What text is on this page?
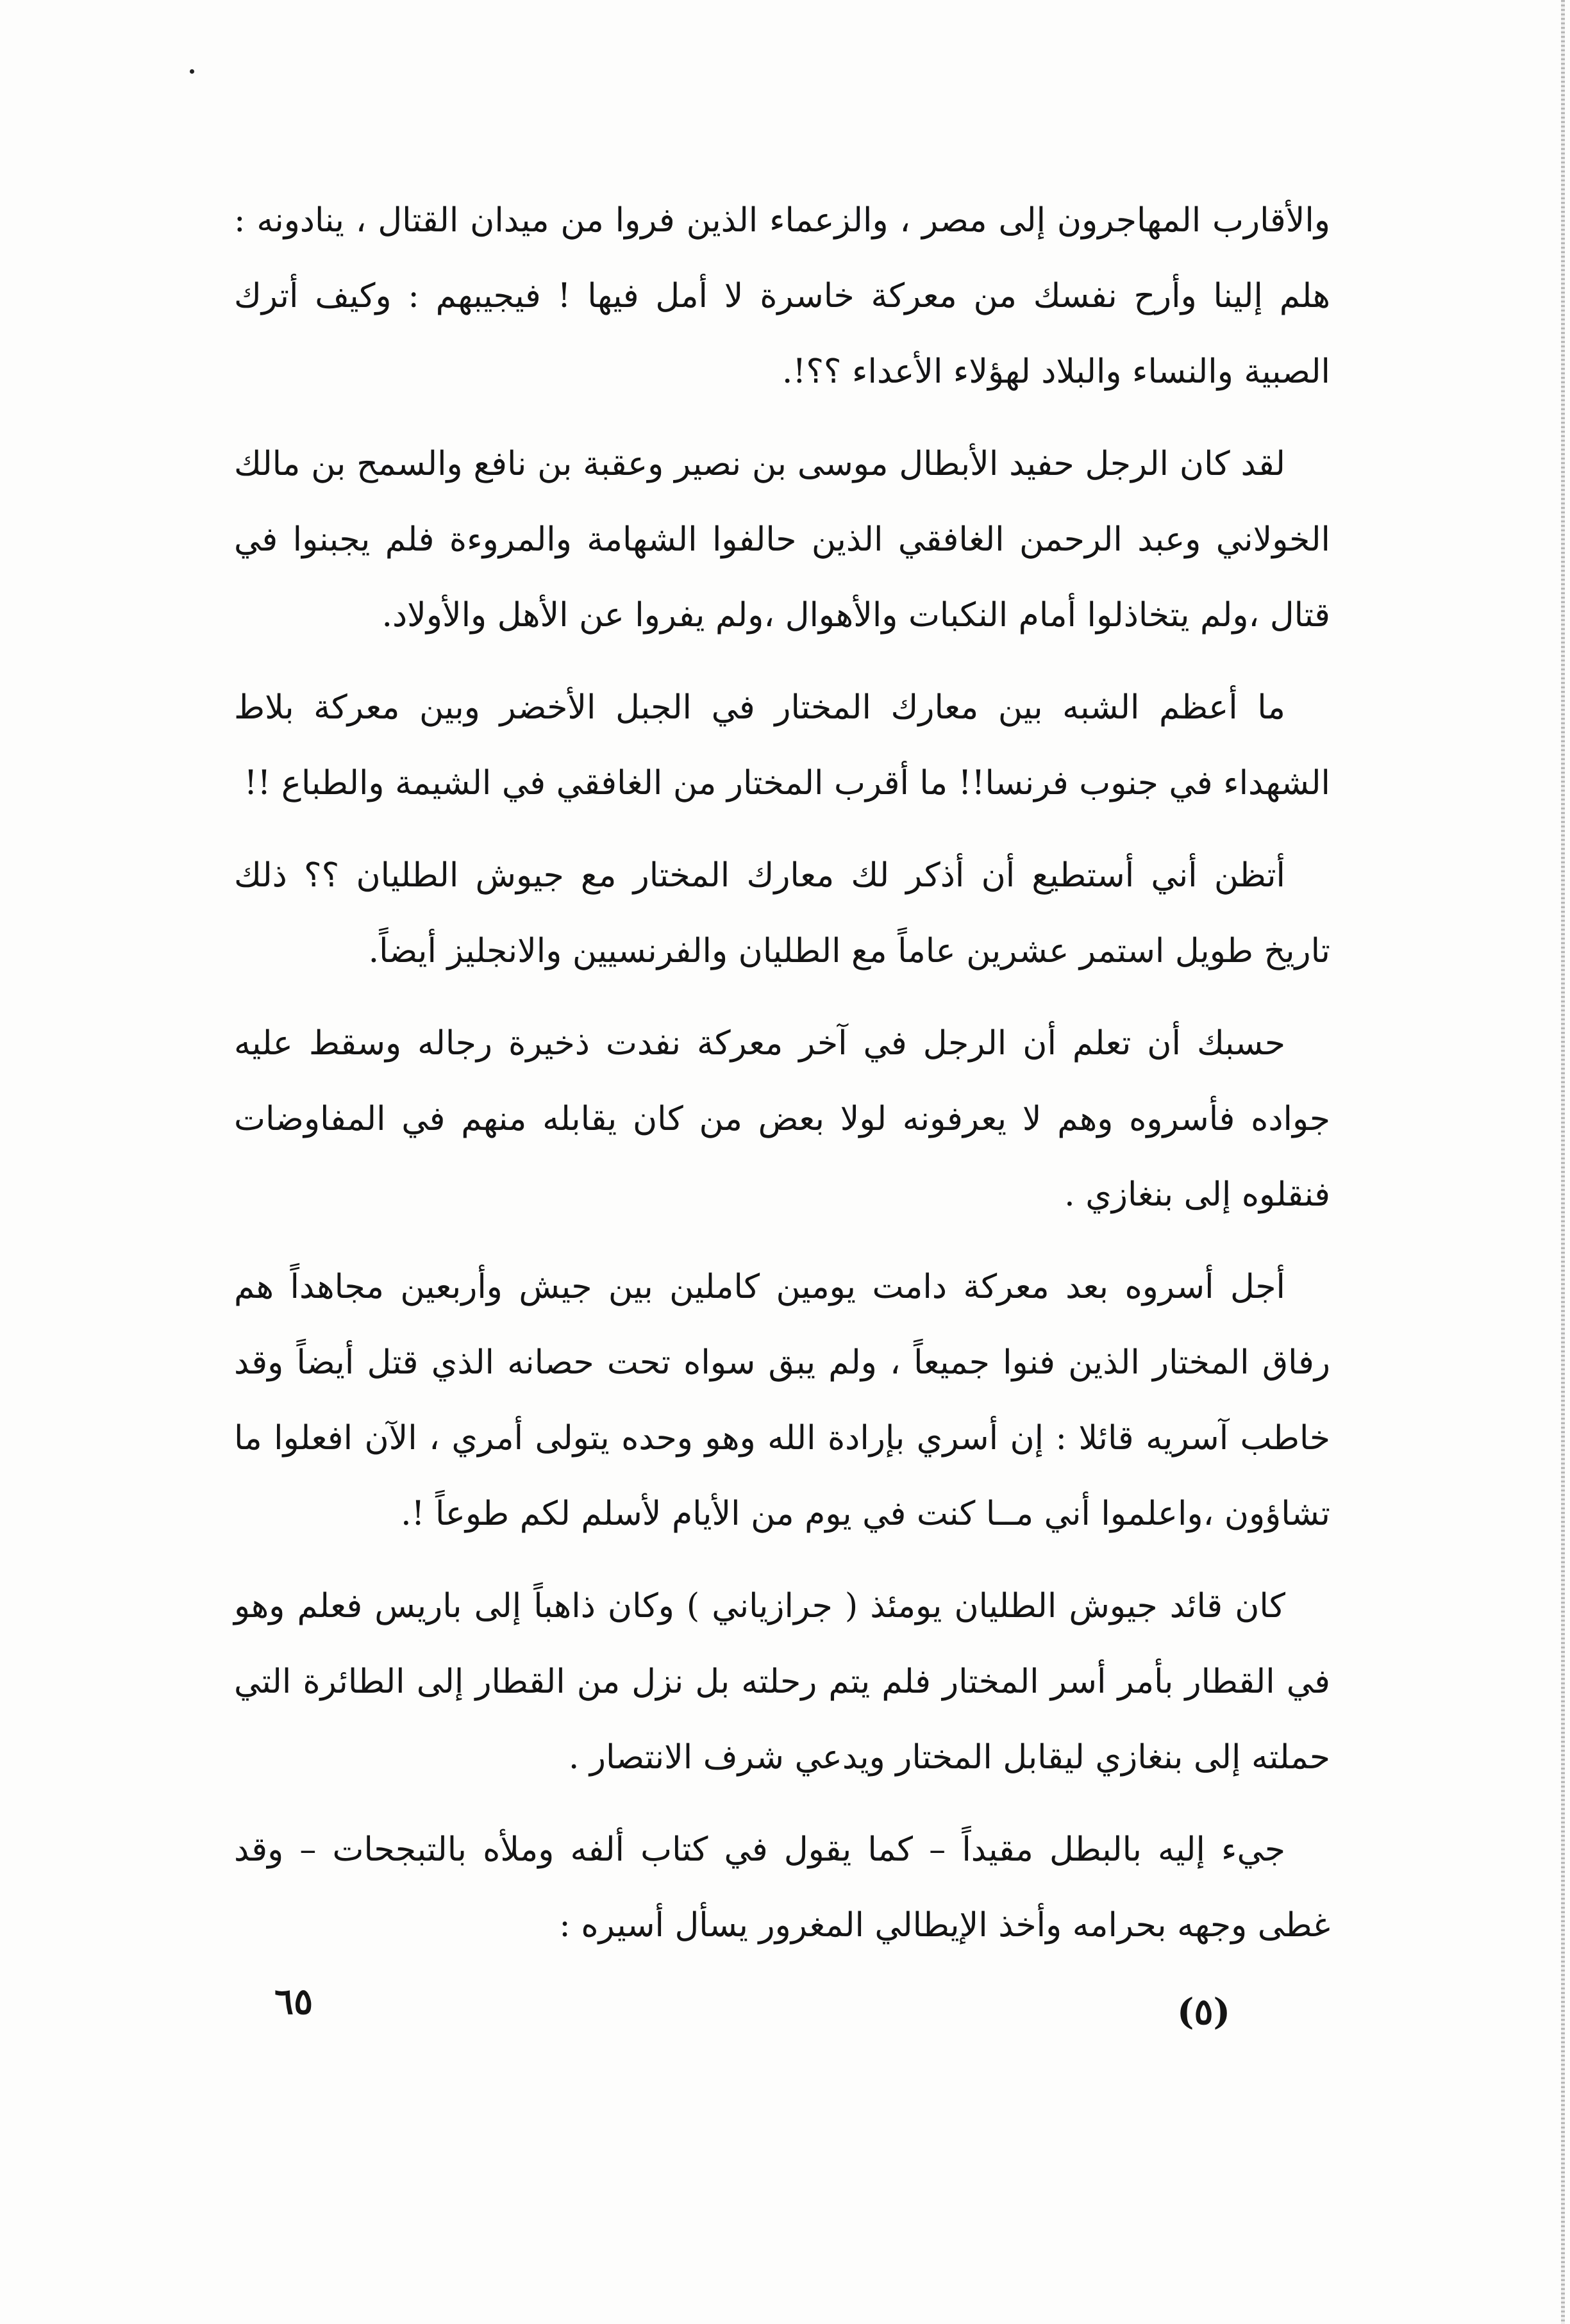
والأقارب المهاجرون إلى مصر ، والزعماء الذين فروا من ميدان القتال ، ينادونه : هلم إلينا وأرح نفسك من معركة خاسرة لا أمل فيها ! فيجيبهم : وكيف أترك الصبية والنساء والبلاد لهؤلاء الأعداء ؟؟!.

لقد كان الرجل حفيد الأبطال موسى بن نصير وعقبة بن نافع والسمح بن مالك الخولاني وعبد الرحمن الغافقي الذين حالفوا الشهامة والمروءة فلم يجبنوا في قتال ،ولم يتخاذلوا أمام النكبات والأهوال ،ولم يفروا عن الأهل والأولاد.

ما أعظم الشبه بين معارك المختار في الجبل الأخضر وبين معركة بلاط الشهداء في جنوب فرنسا!! ما أقرب المختار من الغافقي في الشيمة والطباع !!

أتظن أني أستطيع أن أذكر لك معارك المختار مع جيوش الطليان ؟؟ ذلك تاريخ طويل استمر عشرين عاماً مع الطليان والفرنسيين والانجليز أيضاً.

حسبك أن تعلم أن الرجل في آخر معركة نفدت ذخيرة رجاله وسقط عليه جواده فأسروه وهم لا يعرفونه لولا بعض من كان يقابله منهم في المفاوضات فنقلوه إلى بنغازي .

أجل أسروه بعد معركة دامت يومين كاملين بين جيش وأربعين مجاهداً هم رفاق المختار الذين فنوا جميعاً ، ولم يبق سواه تحت حصانه الذي قتل أيضاً وقد خاطب آسريه قائلا : إن أسري بإرادة الله وهو وحده يتولى أمري ، الآن افعلوا ما تشاؤون ،واعلموا أني مــا كنت في يوم من الأيام لأسلم لكم طوعاً !.

كان قائد جيوش الطليان يومئذ ( جرازياني ) وكان ذاهباً إلى باريس فعلم وهو في القطار بأمر أسر المختار فلم يتم رحلته بل نزل من القطار إلى الطائرة التي حملته إلى بنغازي ليقابل المختار ويدعي شرف الانتصار .

جيء إليه بالبطل مقيداً – كما يقول في كتاب ألفه وملأه بالتبجحات – وقد غطى وجهه بحرامه وأخذ الإيطالي المغرور يسأل أسيره :

٦٥	(٥)
